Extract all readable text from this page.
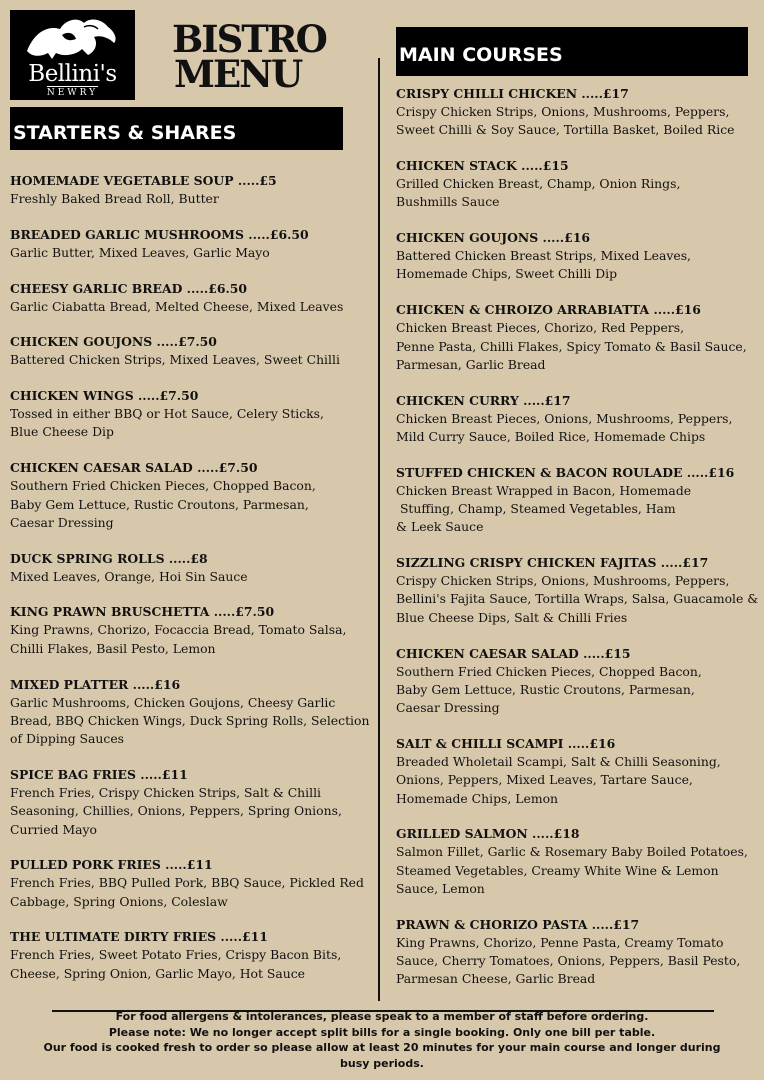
Bellini's
NEWRY
BISTRO
MENU
STARTERS & SHARES
MAIN COURSES
HOMEMADE VEGETABLE SOUP .....£5
Freshly Baked Bread Roll, Butter
BREADED GARLIC MUSHROOMS .....£6.50
Garlic Butter, Mixed Leaves, Garlic Mayo
CHEESY GARLIC BREAD .....£6.50
Garlic Ciabatta Bread, Melted Cheese, Mixed Leaves
CHICKEN GOUJONS .....£7.50
Battered Chicken Strips, Mixed Leaves, Sweet Chilli
CHICKEN WINGS .....£7.50
Tossed in either BBQ or Hot Sauce, Celery Sticks,
Blue Cheese Dip
CHICKEN CAESAR SALAD .....£7.50
Southern Fried Chicken Pieces, Chopped Bacon,
Baby Gem Lettuce, Rustic Croutons, Parmesan,
Caesar Dressing
DUCK SPRING ROLLS .....£8
Mixed Leaves, Orange, Hoi Sin Sauce
KING PRAWN BRUSCHETTA .....£7.50
King Prawns, Chorizo, Focaccia Bread, Tomato Salsa,
Chilli Flakes, Basil Pesto, Lemon
MIXED PLATTER .....£16
Garlic Mushrooms, Chicken Goujons, Cheesy Garlic
Bread, BBQ Chicken Wings, Duck Spring Rolls, Selection
of Dipping Sauces
SPICE BAG FRIES .....£11
French Fries, Crispy Chicken Strips, Salt & Chilli
Seasoning, Chillies, Onions, Peppers, Spring Onions,
Curried Mayo
PULLED PORK FRIES .....£11
French Fries, BBQ Pulled Pork, BBQ Sauce, Pickled Red
Cabbage, Spring Onions, Coleslaw
THE ULTIMATE DIRTY FRIES .....£11
French Fries, Sweet Potato Fries, Crispy Bacon Bits,
Cheese, Spring Onion, Garlic Mayo, Hot Sauce
CRISPY CHILLI CHICKEN .....£17
Crispy Chicken Strips, Onions, Mushrooms, Peppers,
Sweet Chilli & Soy Sauce, Tortilla Basket, Boiled Rice
CHICKEN STACK .....£15
Grilled Chicken Breast, Champ, Onion Rings,
Bushmills Sauce
CHICKEN GOUJONS .....£16
Battered Chicken Breast Strips, Mixed Leaves,
Homemade Chips, Sweet Chilli Dip
CHICKEN & CHROIZO ARRABIATTA .....£16
Chicken Breast Pieces, Chorizo, Red Peppers,
Penne Pasta, Chilli Flakes, Spicy Tomato & Basil Sauce,
Parmesan, Garlic Bread
CHICKEN CURRY .....£17
Chicken Breast Pieces, Onions, Mushrooms, Peppers,
Mild Curry Sauce, Boiled Rice, Homemade Chips
STUFFED CHICKEN & BACON ROULADE .....£16
Chicken Breast Wrapped in Bacon, Homemade
Stuffing, Champ, Steamed Vegetables, Ham
& Leek Sauce
SIZZLING CRISPY CHICKEN FAJITAS .....£17
Crispy Chicken Strips, Onions, Mushrooms, Peppers,
Bellini's Fajita Sauce, Tortilla Wraps, Salsa, Guacamole &
Blue Cheese Dips, Salt & Chilli Fries
CHICKEN CAESAR SALAD .....£15
Southern Fried Chicken Pieces, Chopped Bacon,
Baby Gem Lettuce, Rustic Croutons, Parmesan,
Caesar Dressing
SALT & CHILLI SCAMPI .....£16
Breaded Wholetail Scampi, Salt & Chilli Seasoning,
Onions, Peppers, Mixed Leaves, Tartare Sauce,
Homemade Chips, Lemon
GRILLED SALMON .....£18
Salmon Fillet, Garlic & Rosemary Baby Boiled Potatoes,
Steamed Vegetables, Creamy White Wine & Lemon
Sauce, Lemon
PRAWN & CHORIZO PASTA .....£17
King Prawns, Chorizo, Penne Pasta, Creamy Tomato
Sauce, Cherry Tomatoes, Onions, Peppers, Basil Pesto,
Parmesan Cheese, Garlic Bread
For food allergens & intolerances, please speak to a member of staff before ordering.
Please note: We no longer accept split bills for a single booking. Only one bill per table.
Our food is cooked fresh to order so please allow at least 20 minutes for your main course and longer during
busy periods.
